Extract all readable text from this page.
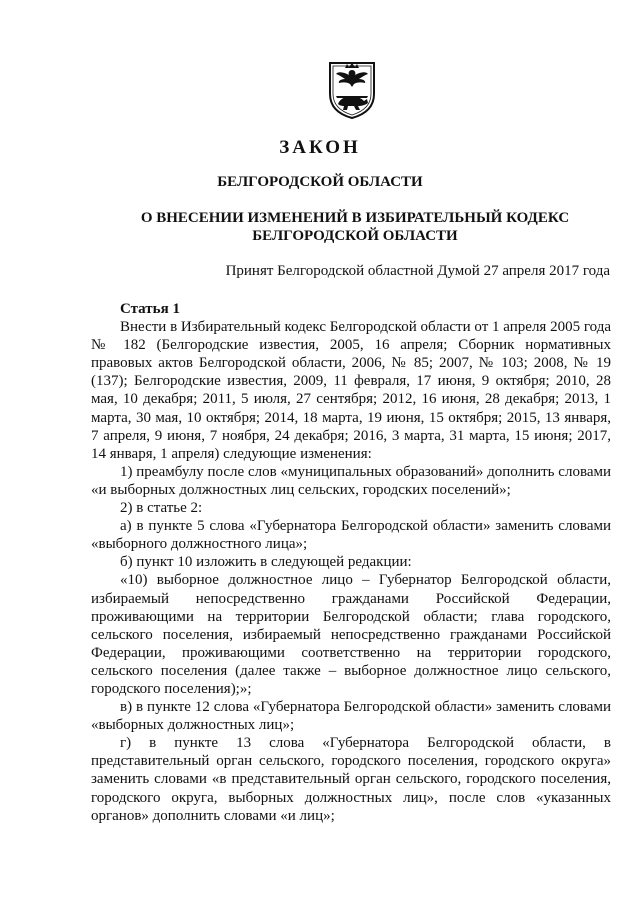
ЗАКОН
БЕЛГОРОДСКОЙ ОБЛАСТИ
О ВНЕСЕНИИ ИЗМЕНЕНИЙ В ИЗБИРАТЕЛЬНЫЙ КОДЕКС БЕЛГОРОДСКОЙ ОБЛАСТИ
Принят Белгородской областной Думой 27 апреля 2017 года

Статья 1

Внести в Избирательный кодекс Белгородской области от 1 апреля 2005 года № 182 (Белгородские известия, 2005, 16 апреля; Сборник нормативных правовых актов Белгородской области, 2006, № 85; 2007, № 103; 2008, № 19 (137); Белгородские известия, 2009, 11 февраля, 17 июня, 9 октября; 2010, 28 мая, 10 декабря; 2011, 5 июля, 27 сентября; 2012, 16 июня, 28 декабря; 2013, 1 марта, 30 мая, 10 октября; 2014, 18 марта, 19 июня, 15 октября; 2015, 13 января, 7 апреля, 9 июня, 7 ноября, 24 декабря; 2016, 3 марта, 31 марта, 15 июня; 2017, 14 января, 1 апреля) следующие изменения:

1) преамбулу после слов «муниципальных образований» дополнить словами «и выборных должностных лиц сельских, городских поселений»;

2) в статье 2:

а) в пункте 5 слова «Губернатора Белгородской области» заменить словами «выборного должностного лица»;

б) пункт 10 изложить в следующей редакции:

«10) выборное должностное лицо – Губернатор Белгородской области, избираемый непосредственно гражданами Российской Федерации, проживающими на территории Белгородской области; глава городского, сельского поселения, избираемый непосредственно гражданами Российской Федерации, проживающими соответственно на территории городского, сельского поселения (далее также – выборное должностное лицо сельского, городского поселения);»;

в) в пункте 12 слова «Губернатора Белгородской области» заменить словами «выборных должностных лиц»;

г) в пункте 13 слова «Губернатора Белгородской области, в представительный орган сельского, городского поселения, городского округа» заменить словами «в представительный орган сельского, городского поселения, городского округа, выборных должностных лиц», после слов «указанных органов» дополнить словами «и лиц»;
